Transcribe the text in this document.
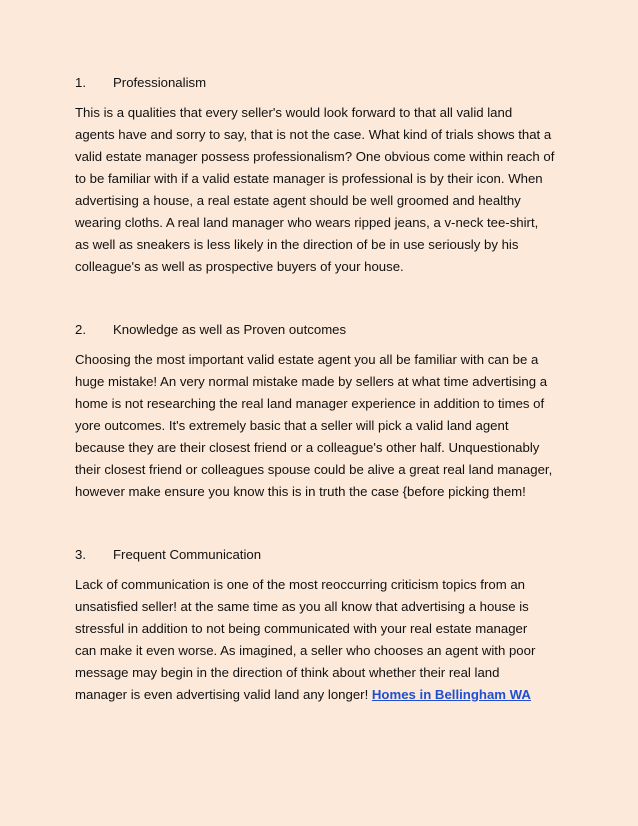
1. Professionalism

This is a qualities that every seller's would look forward to that all valid land
agents have and sorry to say, that is not the case. What kind of trials shows that a
valid estate manager possess professionalism? One obvious come within reach of
to be familiar with if a valid estate manager is professional is by their icon. When
advertising a house, a real estate agent should be well groomed and healthy
wearing cloths. A real land manager who wears ripped jeans, a v-neck tee-shirt,
as well as sneakers is less likely in the direction of be in use seriously by his
colleague's as well as prospective buyers of your house.

2. Knowledge as well as Proven outcomes

Choosing the most important valid estate agent you all be familiar with can be a
huge mistake! An very normal mistake made by sellers at what time advertising a
home is not researching the real land manager experience in addition to times of
yore outcomes. It's extremely basic that a seller will pick a valid land agent
because they are their closest friend or a colleague's other half. Unquestionably
their closest friend or colleagues spouse could be alive a great real land manager,
however make ensure you know this is in truth the case {before picking them!

3. Frequent Communication

Lack of communication is one of the most reoccurring criticism topics from an
unsatisfied seller! at the same time as you all know that advertising a house is
stressful in addition to not being communicated with your real estate manager
can make it even worse. As imagined, a seller who chooses an agent with poor
message may begin in the direction of think about whether their real land
manager is even advertising valid land any longer! Homes in Bellingham WA
